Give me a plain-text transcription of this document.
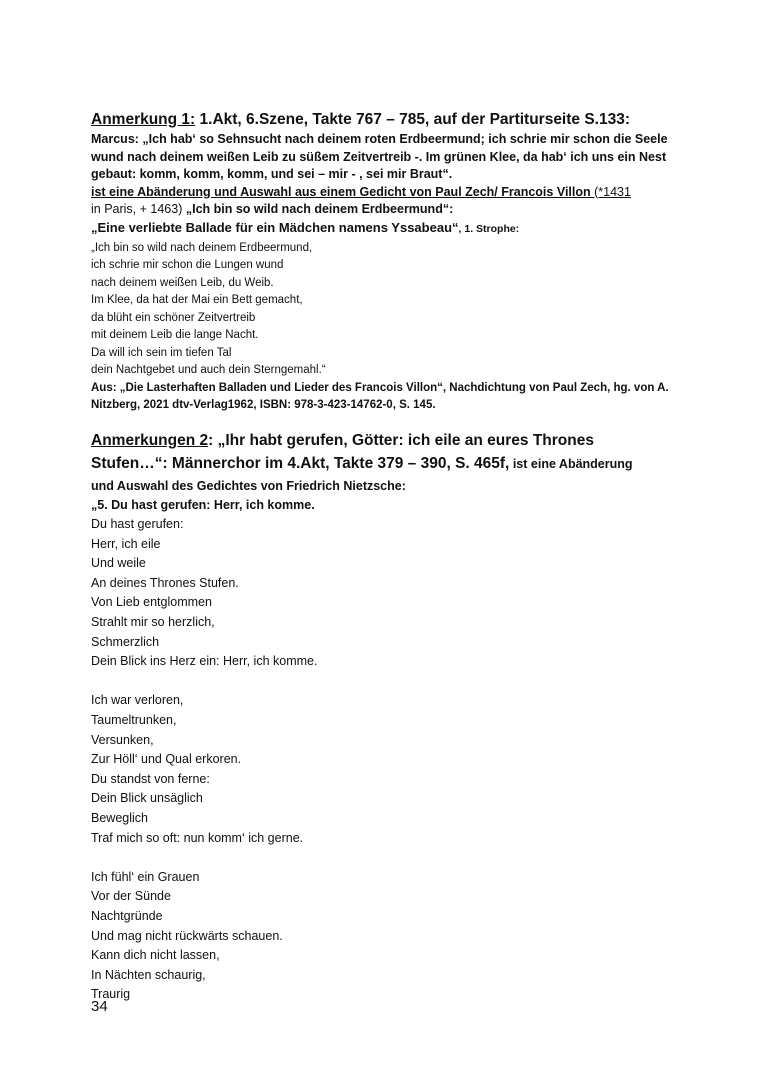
Anmerkung 1: 1.Akt, 6.Szene, Takte 767 – 785, auf der Partiturseite S.133:

Marcus: „Ich hab‘ so Sehnsucht nach deinem roten Erdbeermund; ich schrie mir schon die Seele wund nach deinem weißen Leib zu süßem Zeitvertreib -. Im grünen Klee, da hab‘ ich uns ein Nest gebaut: komm, komm, komm, und sei – mir - , sei mir Braut“.

ist eine Abänderung und Auswahl aus einem Gedicht von Paul Zech/ Francois Villon (*1431
in Paris, + 1463) „Ich bin so wild nach deinem Erdbeermund“:

„Eine verliebte Ballade für ein Mädchen namens Yssabeau“, 1. Strophe:

„Ich bin so wild nach deinem Erdbeermund,
ich schrie mir schon die Lungen wund
nach deinem weißen Leib, du Weib.
Im Klee, da hat der Mai ein Bett gemacht,
da blüht ein schöner Zeitvertreib
mit deinem Leib die lange Nacht.
Da will ich sein im tiefen Tal
dein Nachtgebet und auch dein Sterngemahl.“

Aus: „Die Lasterhaften Balladen und Lieder des Francois Villon“, Nachdichtung von Paul Zech, hg. von A. Nitzberg, 2021 dtv-Verlag1962, ISBN: 978-3-423-14762-0, S. 145.

Anmerkungen 2: „Ihr habt gerufen, Götter: ich eile an eures Thrones

Stufen…“: Männerchor im 4.Akt, Takte 379 – 390, S. 465f, ist eine Abänderung

und Auswahl des Gedichtes von Friedrich Nietzsche:

„5. Du hast gerufen: Herr, ich komme.
Du hast gerufen:
Herr, ich eile
Und weile
An deines Thrones Stufen.
Von Lieb entglommen
Strahlt mir so herzlich,
Schmerzlich
Dein Blick ins Herz ein: Herr, ich komme.
Ich war verloren,
Taumeltrunken,
Versunken,
Zur Höll‘ und Qual erkoren.
Du standst von ferne:
Dein Blick unsäglich
Beweglich
Traf mich so oft: nun komm‘ ich gerne.
Ich fühl‘ ein Grauen
Vor der Sünde
Nachtgründe
Und mag nicht rückwärts schauen.
Kann dich nicht lassen,
In Nächten schaurig,
Traurig
34
